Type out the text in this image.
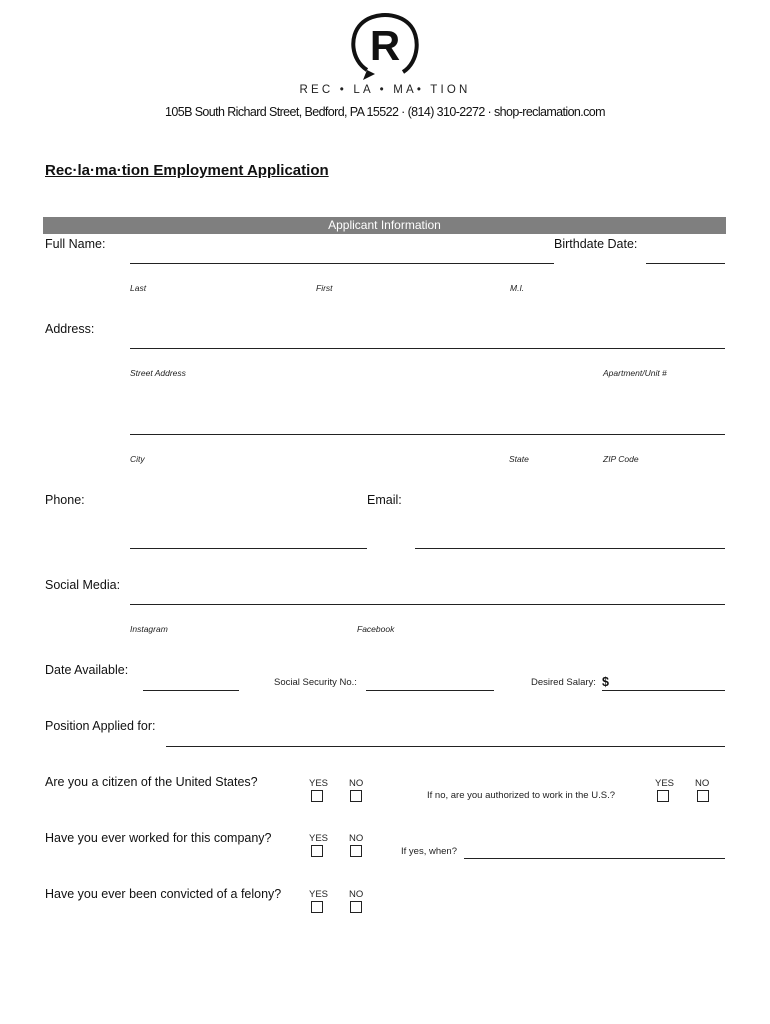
R
REC • LA • MA• TION
105B South Richard Street, Bedford, PA 15522 · (814) 310-2272 · shop-reclamation.com
Rec·la·ma·tion Employment Application
Applicant Information
Full Name:	Birthdate Date:
Last	First	M.I.
Address:
Street Address	Apartment/Unit #
City	State	ZIP Code
Phone:	Email:
Social Media:
Instagram	Facebook
Date Available:
Social Security No.:	Desired Salary: $
Position Applied for:
Are you a citizen of the United States?	YES NO
If no, are you authorized to work in the U.S.?
YES NO
Have you ever worked for this company?	YES NO
If yes, when?
Have you ever been convicted of a felony?	YES NO
